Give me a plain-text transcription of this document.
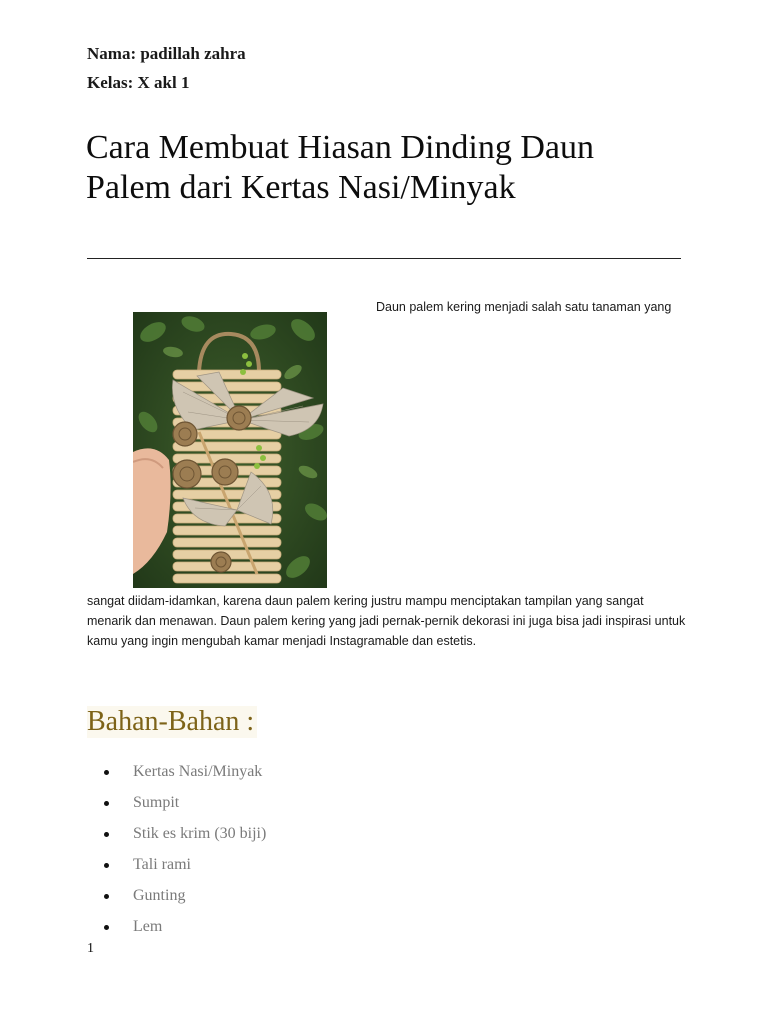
Nama: padillah zahra
Kelas: X akl 1
Cara Membuat Hiasan Dinding Daun Palem dari Kertas Nasi/Minyak
Daun palem kering menjadi salah satu tanaman yang

sangat diidam-idamkan, karena daun palem kering justru mampu menciptakan tampilan yang sangat menarik dan menawan. Daun palem kering yang jadi pernak-pernik dekorasi ini juga bisa jadi inspirasi untuk kamu yang ingin mengubah kamar menjadi Instagramable dan estetis.

Bahan-Bahan :
Kertas Nasi/Minyak
Sumpit
Stik es krim (30 biji)
Tali rami
Gunting
Lem
1
